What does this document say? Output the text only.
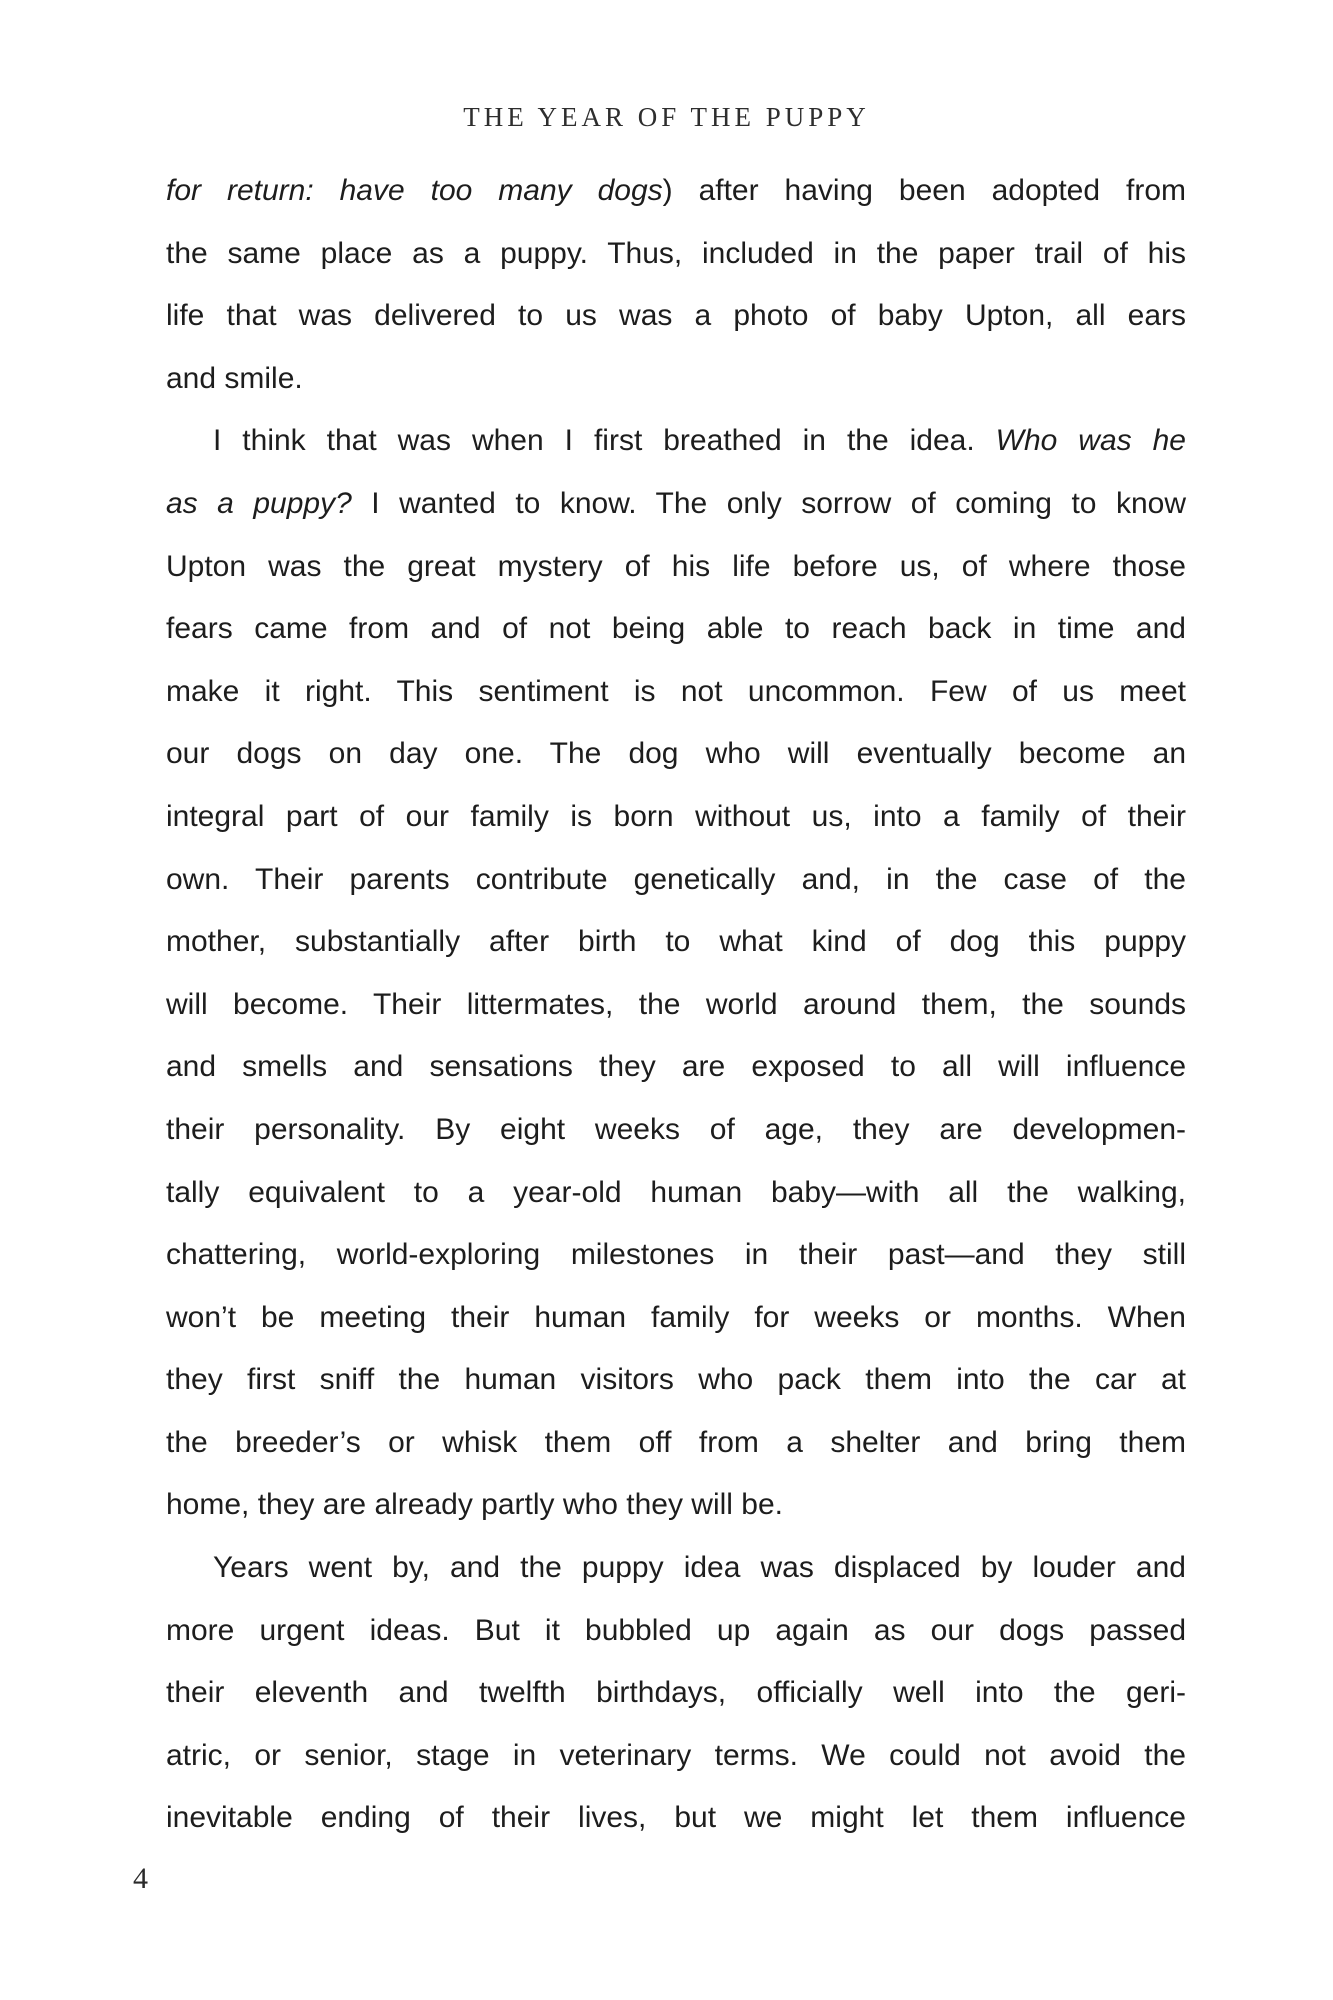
THE YEAR OF THE PUPPY
for return: have too many dogs) after having been adopted from
the same place as a puppy. Thus, included in the paper trail of his
life that was delivered to us was a photo of baby Upton, all ears
and smile.
I think that was when I first breathed in the idea. Who was he
as a puppy? I wanted to know. The only sorrow of coming to know
Upton was the great mystery of his life before us, of where those
fears came from and of not being able to reach back in time and
make it right. This sentiment is not uncommon. Few of us meet
our dogs on day one. The dog who will eventually become an
integral part of our family is born without us, into a family of their
own. Their parents contribute genetically and, in the case of the
mother, substantially after birth to what kind of dog this puppy
will become. Their littermates, the world around them, the sounds
and smells and sensations they are exposed to all will influence
their personality. By eight weeks of age, they are developmen-
tally equivalent to a year-old human baby—with all the walking,
chattering, world-exploring milestones in their past—and they still
won’t be meeting their human family for weeks or months. When
they first sniff the human visitors who pack them into the car at
the breeder’s or whisk them off from a shelter and bring them
home, they are already partly who they will be.
Years went by, and the puppy idea was displaced by louder and
more urgent ideas. But it bubbled up again as our dogs passed
their eleventh and twelfth birthdays, officially well into the geri-
atric, or senior, stage in veterinary terms. We could not avoid the
inevitable ending of their lives, but we might let them influence
4
